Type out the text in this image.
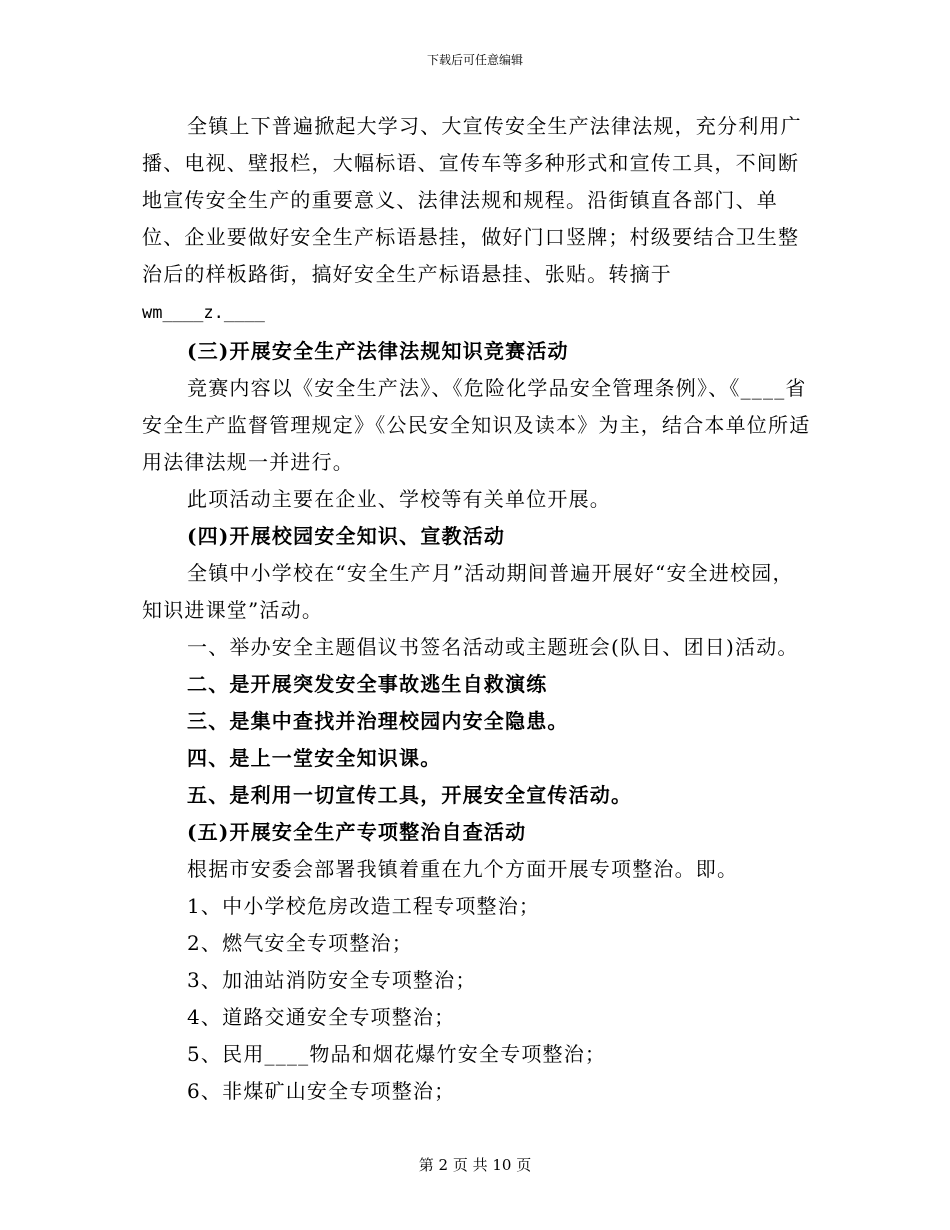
下载后可任意编辑

全镇上下普遍掀起大学习、大宣传安全生产法律法规，充分利用广播、电视、壁报栏，大幅标语、宣传车等多种形式和宣传工具，不间断地宣传安全生产的重要意义、法律法规和规程。沿街镇直各部门、单位、企业要做好安全生产标语悬挂，做好门口竖牌；村级要结合卫生整治后的样板路街，搞好安全生产标语悬挂、张贴。转摘于

wm____z.____

(三)开展安全生产法律法规知识竞赛活动

竞赛内容以《安全生产法》、《危险化学品安全管理条例》、《____省安全生产监督管理规定》《公民安全知识及读本》为主，结合本单位所适用法律法规一并进行。

此项活动主要在企业、学校等有关单位开展。

(四)开展校园安全知识、宣教活动

全镇中小学校在“安全生产月”活动期间普遍开展好“安全进校园，知识进课堂”活动。

一、举办安全主题倡议书签名活动或主题班会(队日、团日)活动。

二、是开展突发安全事故逃生自救演练

三、是集中查找并治理校园内安全隐患。

四、是上一堂安全知识课。

五、是利用一切宣传工具，开展安全宣传活动。

(五)开展安全生产专项整治自查活动

根据市安委会部署我镇着重在九个方面开展专项整治。即。

1、中小学校危房改造工程专项整治；

2、燃气安全专项整治；

3、加油站消防安全专项整治；

4、道路交通安全专项整治；

5、民用____物品和烟花爆竹安全专项整治；

6、非煤矿山安全专项整治；

第 2 页 共 10 页
